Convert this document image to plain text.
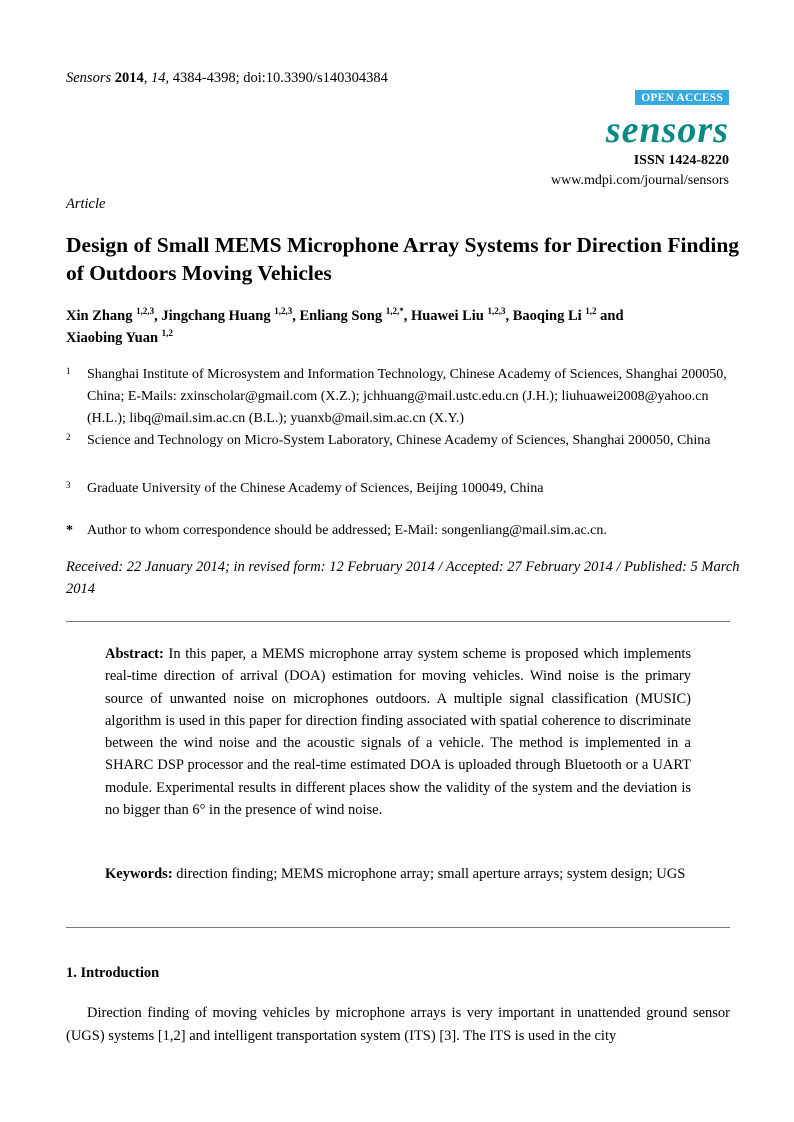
Sensors 2014, 14, 4384-4398; doi:10.3390/s140304384
OPEN ACCESS
sensors
ISSN 1424-8220
www.mdpi.com/journal/sensors
Article
Design of Small MEMS Microphone Array Systems for Direction Finding of Outdoors Moving Vehicles
Xin Zhang $^{1,2,3}$, Jingchang Huang $^{1,2,3}$, Enliang Song $^{1,2,*}$, Huawei Liu $^{1,2,3}$, Baoqing Li $^{1,2}$ and
Xiaobing Yuan $^{1,2}$
1 Shanghai Institute of Microsystem and Information Technology, Chinese Academy of Sciences, Shanghai 200050, China; E-Mails: zxinscholar@gmail.com (X.Z.); jchhuang@mail.ustc.edu.cn (J.H.); liuhuawei2008@yahoo.cn (H.L.); libq@mail.sim.ac.cn (B.L.); yuanxb@mail.sim.ac.cn (X.Y.)
2 Science and Technology on Micro-System Laboratory, Chinese Academy of Sciences, Shanghai 200050, China
3 Graduate University of the Chinese Academy of Sciences, Beijing 100049, China
* Author to whom correspondence should be addressed; E-Mail: songenliang@mail.sim.ac.cn.
Received: 22 January 2014; in revised form: 12 February 2014 / Accepted: 27 February 2014 / Published: 5 March 2014
Abstract: In this paper, a MEMS microphone array system scheme is proposed which implements real-time direction of arrival (DOA) estimation for moving vehicles. Wind noise is the primary source of unwanted noise on microphones outdoors. A multiple signal classification (MUSIC) algorithm is used in this paper for direction finding associated with spatial coherence to discriminate between the wind noise and the acoustic signals of a vehicle. The method is implemented in a SHARC DSP processor and the real-time estimated DOA is uploaded through Bluetooth or a UART module. Experimental results in different places show the validity of the system and the deviation is no bigger than 6° in the presence of wind noise.
Keywords: direction finding; MEMS microphone array; small aperture arrays; system design; UGS
1. Introduction
Direction finding of moving vehicles by microphone arrays is very important in unattended ground sensor (UGS) systems [1,2] and intelligent transportation system (ITS) [3]. The ITS is used in the city
